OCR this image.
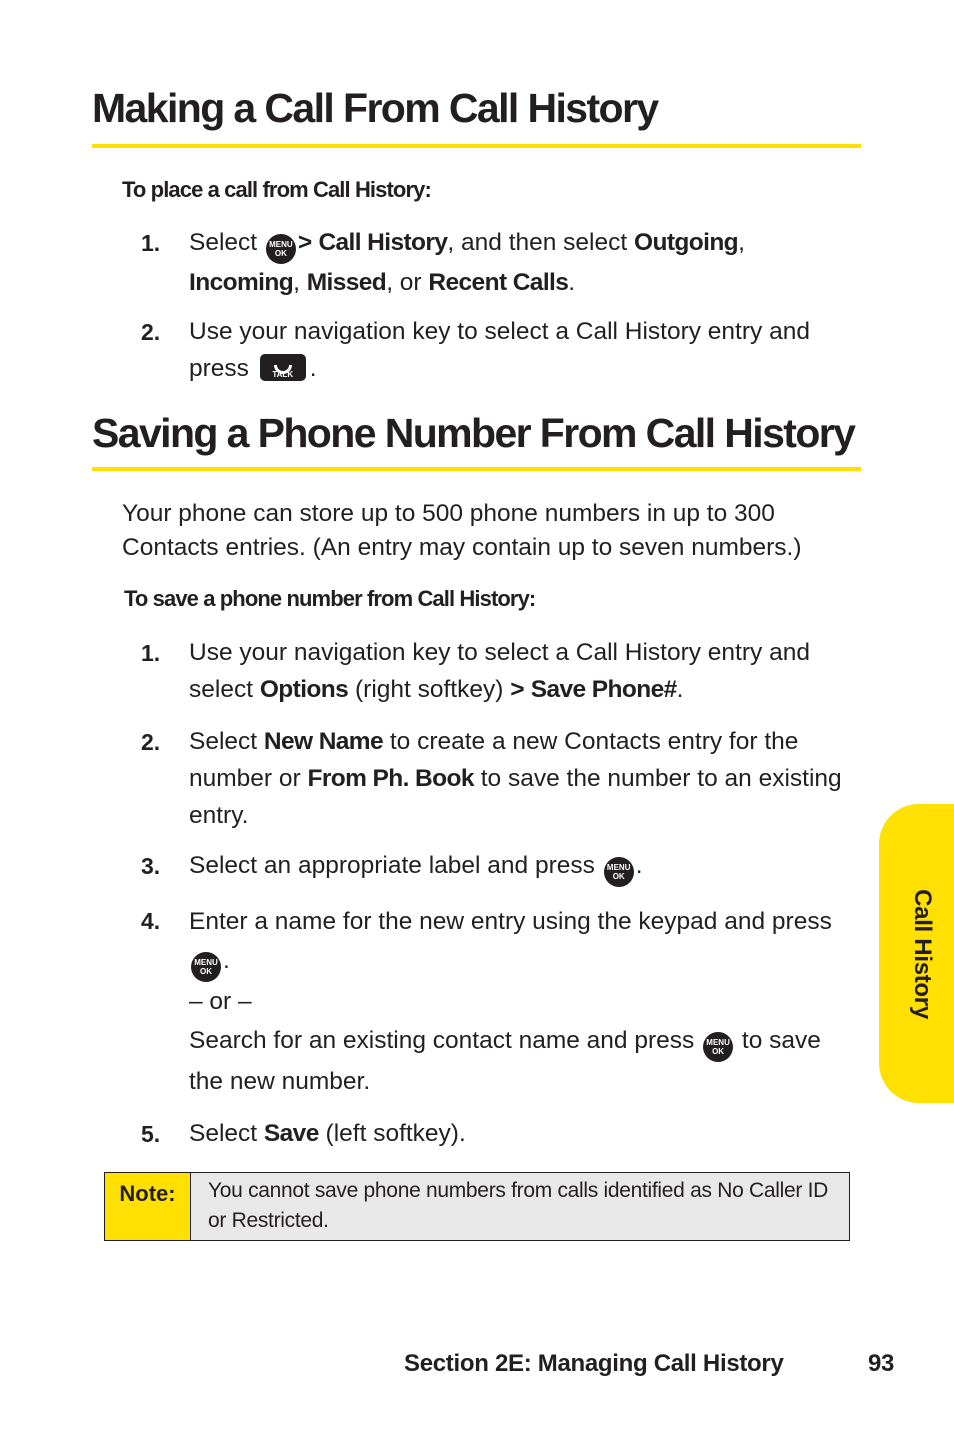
Making a Call From Call History
To place a call from Call History:
1. Select MENU
OK > Call History, and then select Outgoing, Incoming, Missed, or Recent Calls.
2. Use your navigation key to select a Call History entry and press	TALK .
Saving a Phone Number From Call History
Your phone can store up to 500 phone numbers in up to 300 Contacts entries. (An entry may contain up to seven numbers.)
To save a phone number from Call History:
1. Use your navigation key to select a Call History entry and select Options (right softkey) > Save Phone#.
2. Select New Name to create a new Contacts entry for the number or From Ph. Book to save the number to an existing entry.
3. Select an appropriate label and press MENU
OK .
4. Enter a name for the new entry using the keypad and press MENU
OK .
– or –
Search for an existing contact name and press MENU
OK to save the new number.
5. Select Save (left softkey).
Note:	You cannot save phone numbers from calls identified as No Caller ID or Restricted.
Call History
Section 2E: Managing Call History	93
